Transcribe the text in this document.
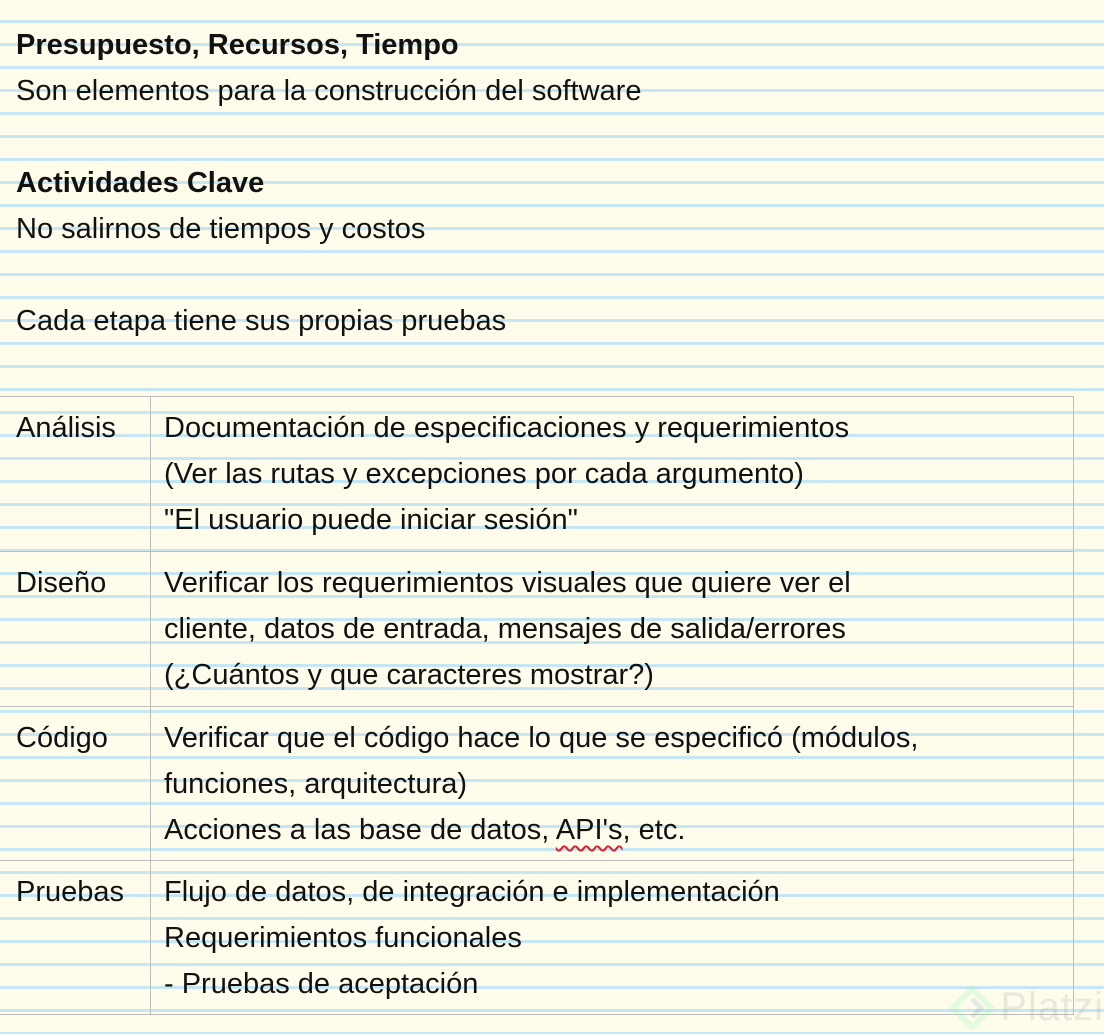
Presupuesto, Recursos, Tiempo
Son elementos para la construcción del software
Actividades Clave
No salirnos de tiempos y costos
Cada etapa tiene sus propias pruebas
Análisis Documentación de especificaciones y requerimientos
(Ver las rutas y excepciones por cada argumento)
"El usuario puede iniciar sesión"
Diseño Verificar los requerimientos visuales que quiere ver el
cliente, datos de entrada, mensajes de salida/errores
(¿Cuántos y que caracteres mostrar?)
Código Verificar que el código hace lo que se especificó (módulos,
funciones, arquitectura)
Acciones a las base de datos, API's, etc.
Pruebas Flujo de datos, de integración e implementación
Requerimientos funcionales
- Pruebas de aceptación
Platzi
